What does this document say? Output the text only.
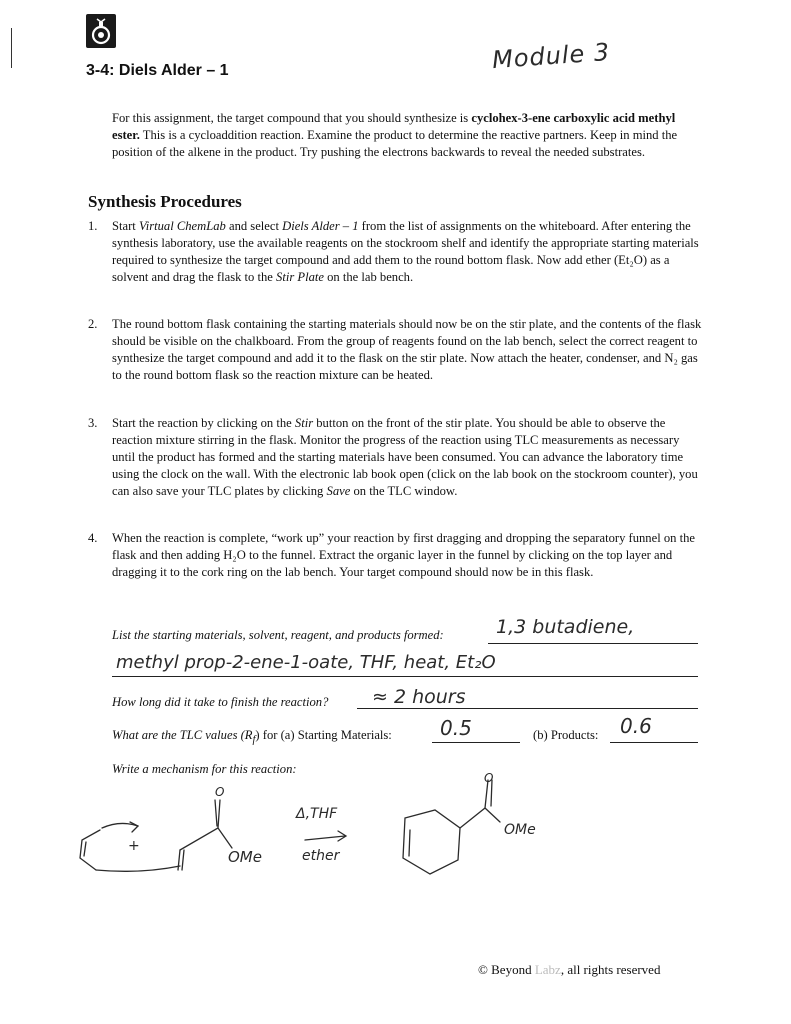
3-4: Diels Alder – 1	Module 3
For this assignment, the target compound that you should synthesize is cyclohex-3-ene carboxylic acid methyl ester. This is a cycloaddition reaction. Examine the product to determine the reactive partners. Keep in mind the position of the alkene in the product. Try pushing the electrons backwards to reveal the needed substrates.
Synthesis Procedures
1. Start Virtual ChemLab and select Diels Alder – 1 from the list of assignments on the whiteboard. After entering the synthesis laboratory, use the available reagents on the stockroom shelf and identify the appropriate starting materials required to synthesize the target compound and add them to the round bottom flask. Now add ether (Et₂O) as a solvent and drag the flask to the Stir Plate on the lab bench.
2. The round bottom flask containing the starting materials should now be on the stir plate, and the contents of the flask should be visible on the chalkboard. From the group of reagents found on the lab bench, select the correct reagent to synthesize the target compound and add it to the flask on the stir plate. Now attach the heater, condenser, and N₂ gas to the round bottom flask so the reaction mixture can be heated.
3. Start the reaction by clicking on the Stir button on the front of the stir plate. You should be able to observe the reaction mixture stirring in the flask. Monitor the progress of the reaction using TLC measurements as necessary until the product has formed and the starting materials have been consumed. You can advance the laboratory time using the clock on the wall. With the electronic lab book open (click on the lab book on the stockroom counter), you can also save your TLC plates by clicking Save on the TLC window.
4. When the reaction is complete, “work up” your reaction by first dragging and dropping the separatory funnel on the flask and then adding H₂O to the funnel. Extract the organic layer in the funnel by clicking on the top layer and dragging it to the cork ring on the lab bench. Your target compound should now be in this flask.
List the starting materials, solvent, reagent, and products formed:	1,3 butadiene,
methyl prop-2-ene-1-oate, THF, heat, Et₂O
How long did it take to finish the reaction? ≈ 2 hours
What are the TLC values $(R_f)$ for (a) Starting Materials: 0.5	(b) Products: 0.6
Write a mechanism for this reaction:
+
O
OMe
Δ,THF
ether
O
OMe
© Beyond Labz, all rights reserved
